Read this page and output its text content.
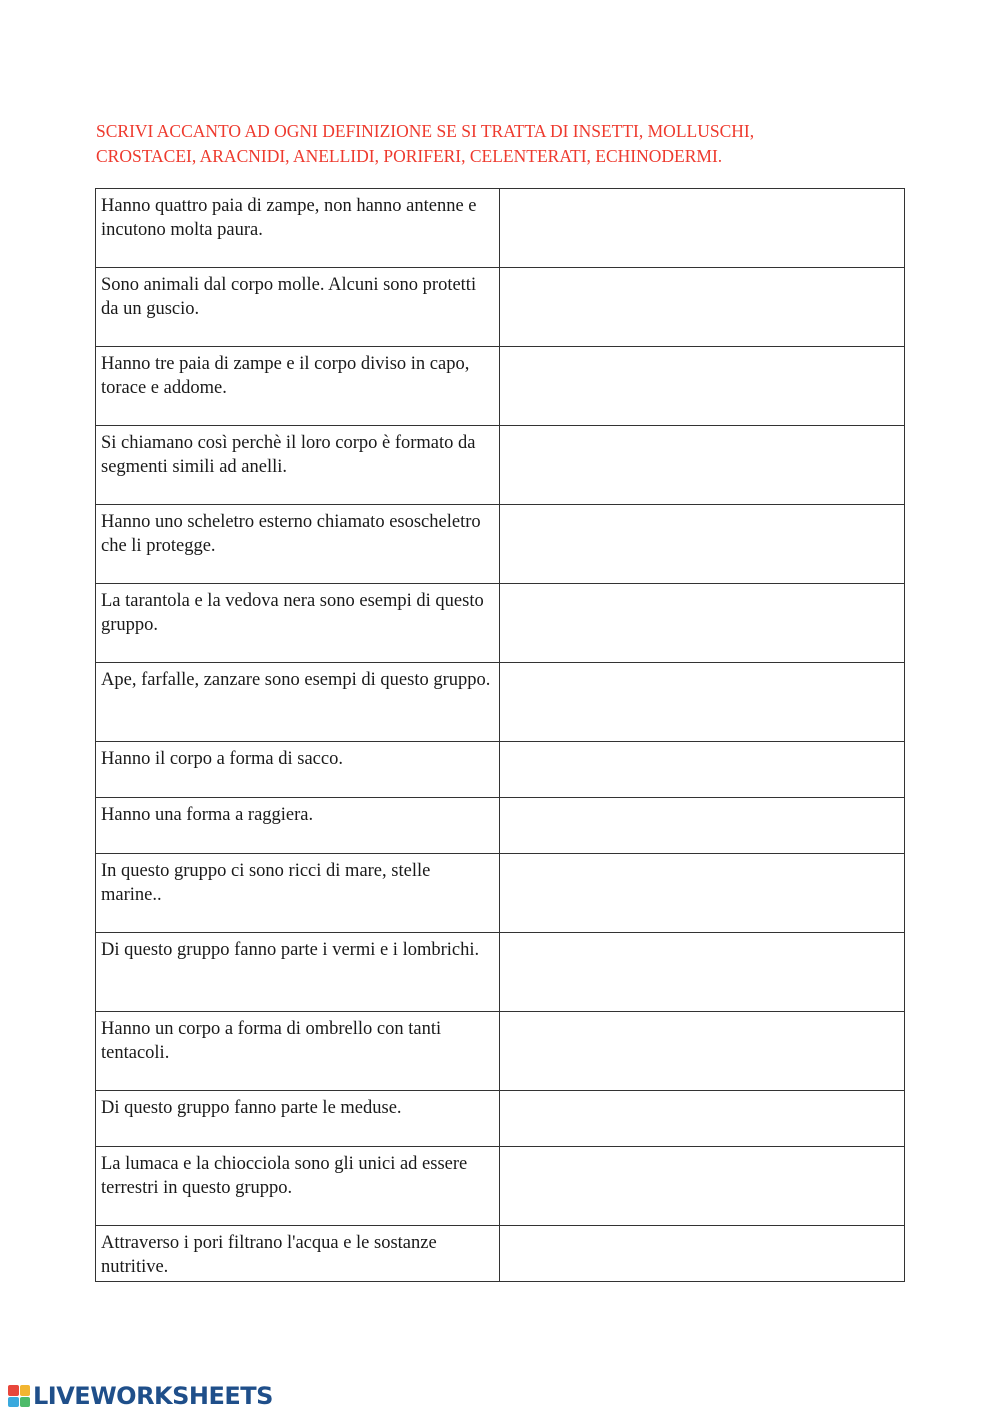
SCRIVI ACCANTO AD OGNI DEFINIZIONE SE SI TRATTA DI INSETTI, MOLLUSCHI,
CROSTACEI, ARACNIDI, ANELLIDI, PORIFERI, CELENTERATI, ECHINODERMI.
Hanno quattro paia di zampe, non hanno antenne e incutono molta paura.	

Sono animali dal corpo molle. Alcuni sono protetti da un guscio.	

Hanno tre paia di zampe e il corpo diviso in capo, torace e addome.	

Si chiamano così perchè il loro corpo è formato da segmenti simili ad anelli.	

Hanno uno scheletro esterno chiamato esoscheletro che li protegge.	

La tarantola e la vedova nera sono esempi di questo gruppo.	

Ape, farfalle, zanzare sono esempi di questo gruppo.	

Hanno il corpo a forma di sacco.	

Hanno una forma a raggiera.	

In questo gruppo ci sono ricci di mare, stelle marine..	

Di questo gruppo fanno parte i vermi e i lombrichi.	

Hanno un corpo a forma di ombrello con tanti tentacoli.	

Di questo gruppo fanno parte le meduse.	

La lumaca e la chiocciola sono gli unici ad essere terrestri in questo gruppo.	

Attraverso i pori filtrano l'acqua e le sostanze nutritive.	
LIVEWORKSHEETS
